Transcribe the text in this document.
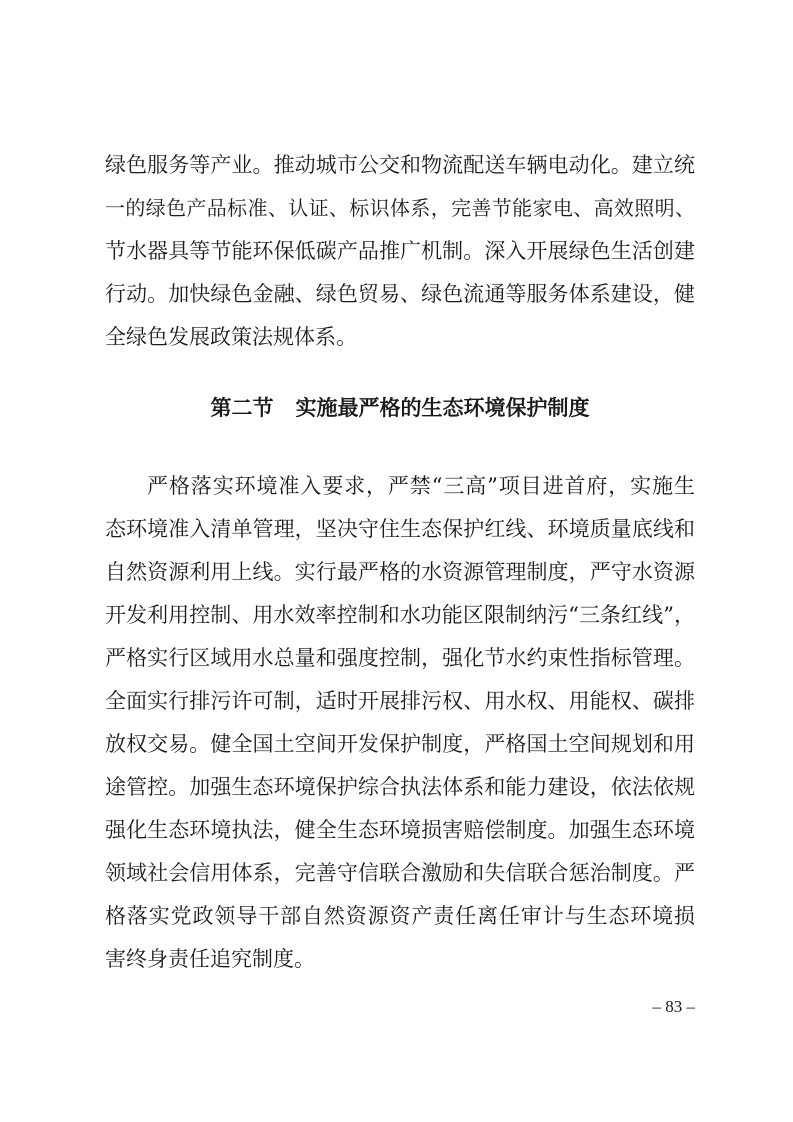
绿色服务等产业。推动城市公交和物流配送车辆电动化。建立统
一的绿色产品标准、认证、标识体系，完善节能家电、高效照明、
节水器具等节能环保低碳产品推广机制。深入开展绿色生活创建
行动。加快绿色金融、绿色贸易、绿色流通等服务体系建设，健
全绿色发展政策法规体系。
第二节 实施最严格的生态环境保护制度
严格落实环境准入要求，严禁“三高”项目进首府，实施生
态环境准入清单管理，坚决守住生态保护红线、环境质量底线和
自然资源利用上线。实行最严格的水资源管理制度，严守水资源
开发利用控制、用水效率控制和水功能区限制纳污“三条红线”，
严格实行区域用水总量和强度控制，强化节水约束性指标管理。
全面实行排污许可制，适时开展排污权、用水权、用能权、碳排
放权交易。健全国土空间开发保护制度，严格国土空间规划和用
途管控。加强生态环境保护综合执法体系和能力建设，依法依规
强化生态环境执法，健全生态环境损害赔偿制度。加强生态环境
领域社会信用体系，完善守信联合激励和失信联合惩治制度。严
格落实党政领导干部自然资源资产责任离任审计与生态环境损
害终身责任追究制度。
– 83 –
